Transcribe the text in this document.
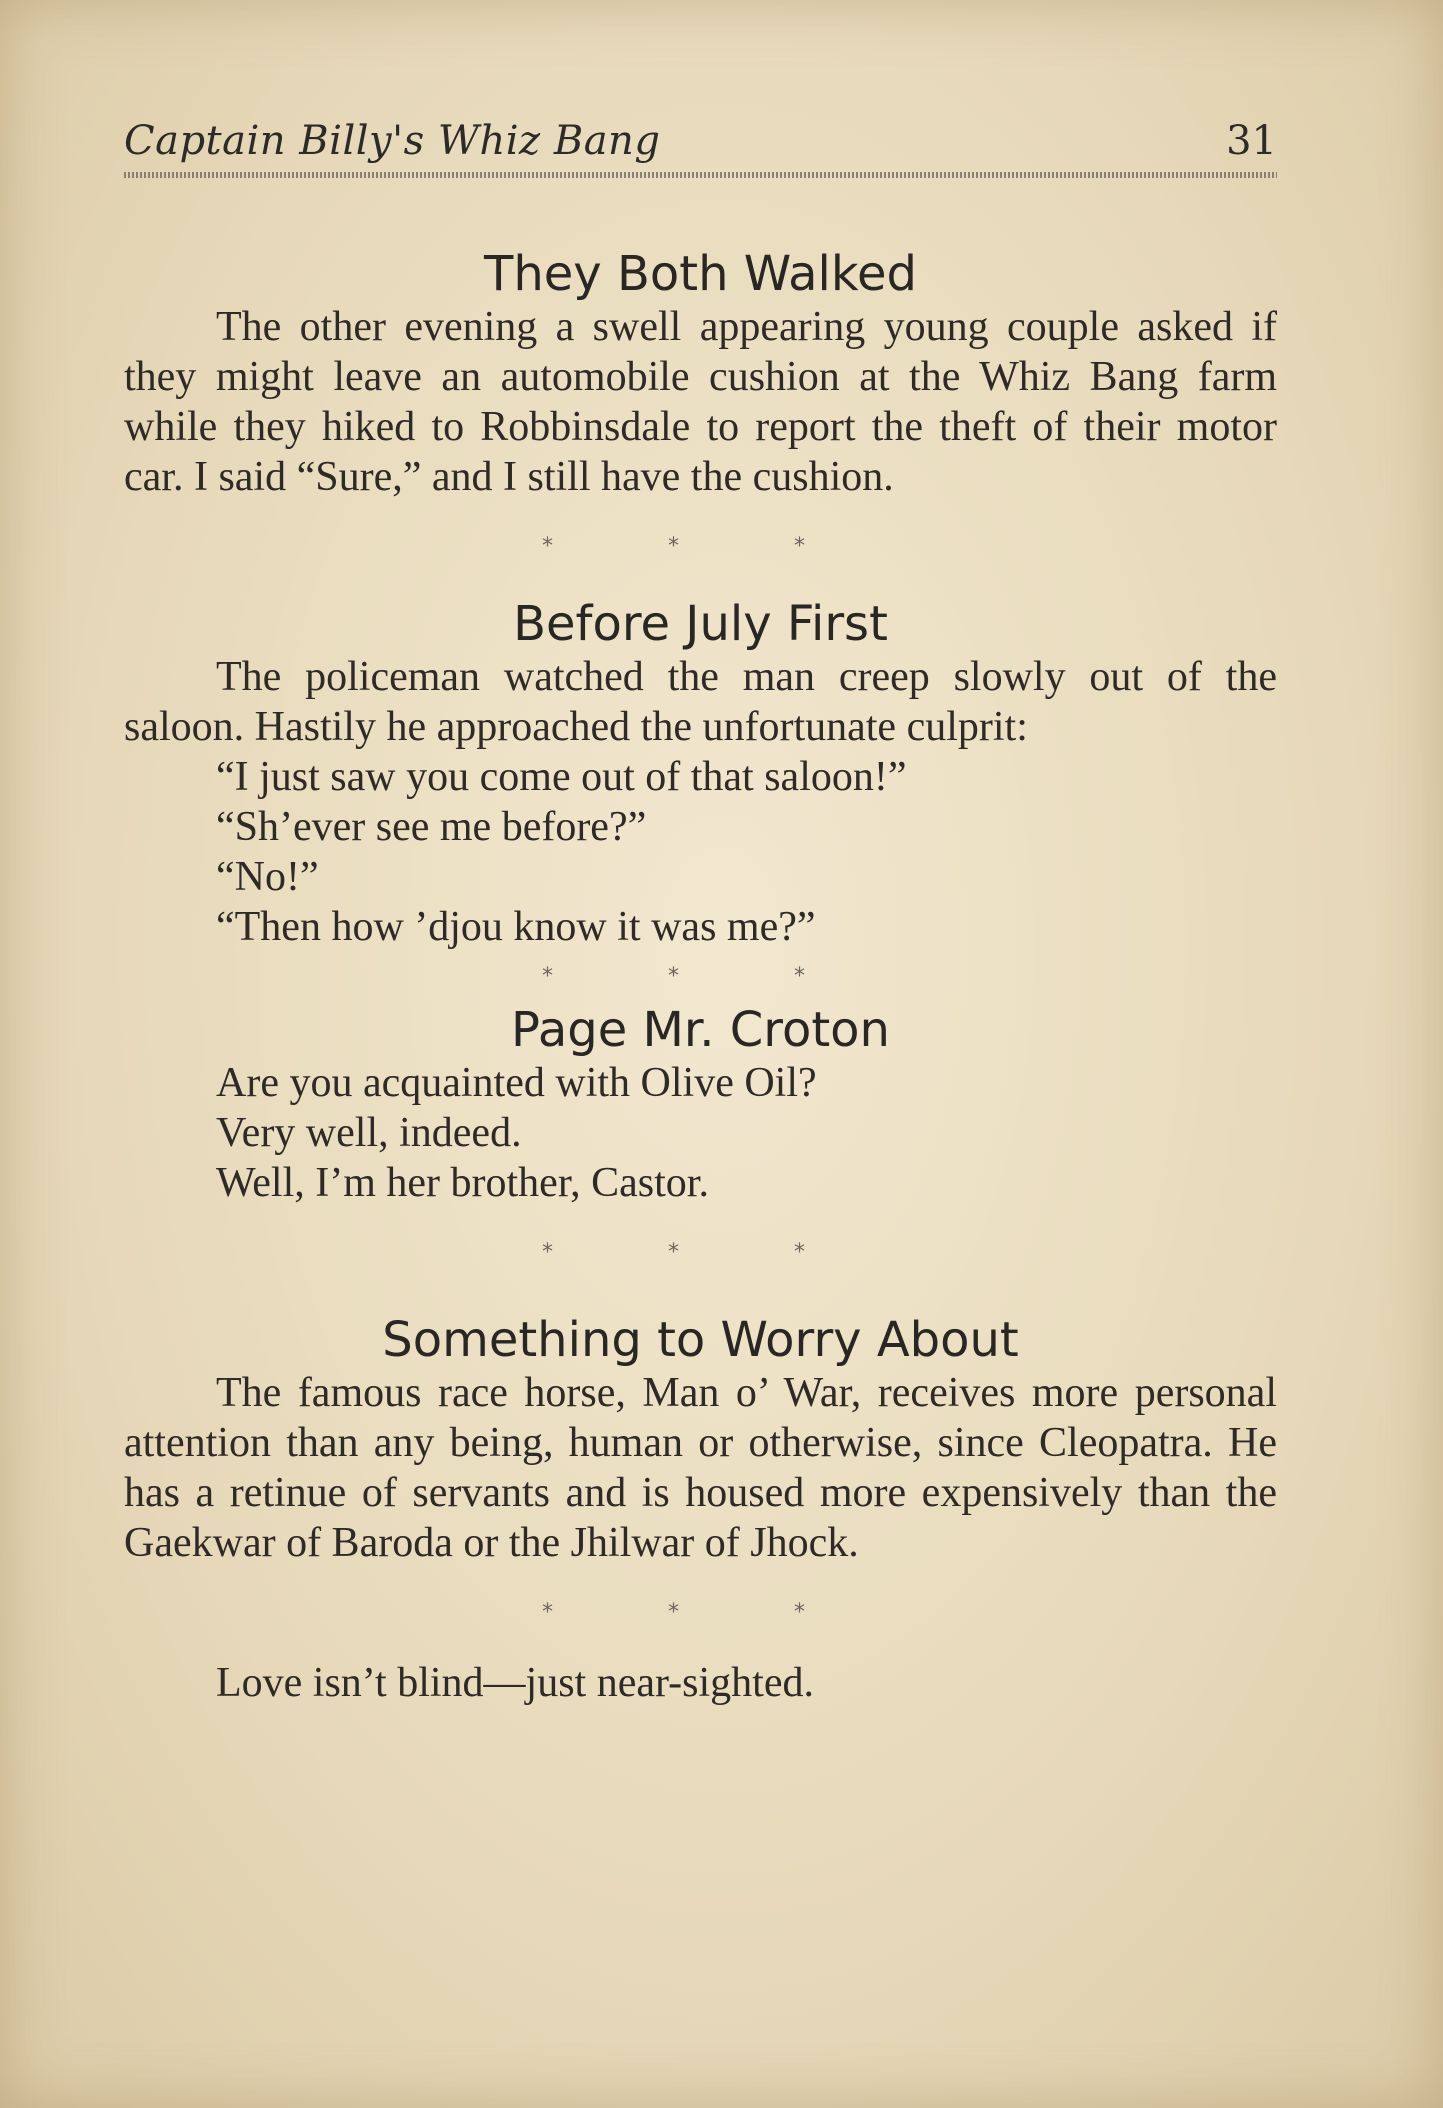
Captain Billy's Whiz Bang	31
They Both Walked

The other evening a swell appearing young couple asked if they might leave an automobile cushion at the Whiz Bang farm while they hiked to Robbinsdale to report the theft of their motor car. I said “Sure,” and I still have the cushion.

* * *

Before July First

The policeman watched the man creep slowly out of the saloon. Hastily he approached the unfortunate culprit:

“I just saw you come out of that saloon!”

“Sh’ever see me before?”

“No!”

“Then how ’djou know it was me?”

* * *

Page Mr. Croton

Are you acquainted with Olive Oil?

Very well, indeed.

Well, I’m her brother, Castor.

* * *

Something to Worry About

The famous race horse, Man o’ War, receives more personal attention than any being, human or otherwise, since Cleopatra. He has a retinue of servants and is housed more expensively than the Gaekwar of Baroda or the Jhilwar of Jhock.

* * *

Love isn’t blind—just near-sighted.
